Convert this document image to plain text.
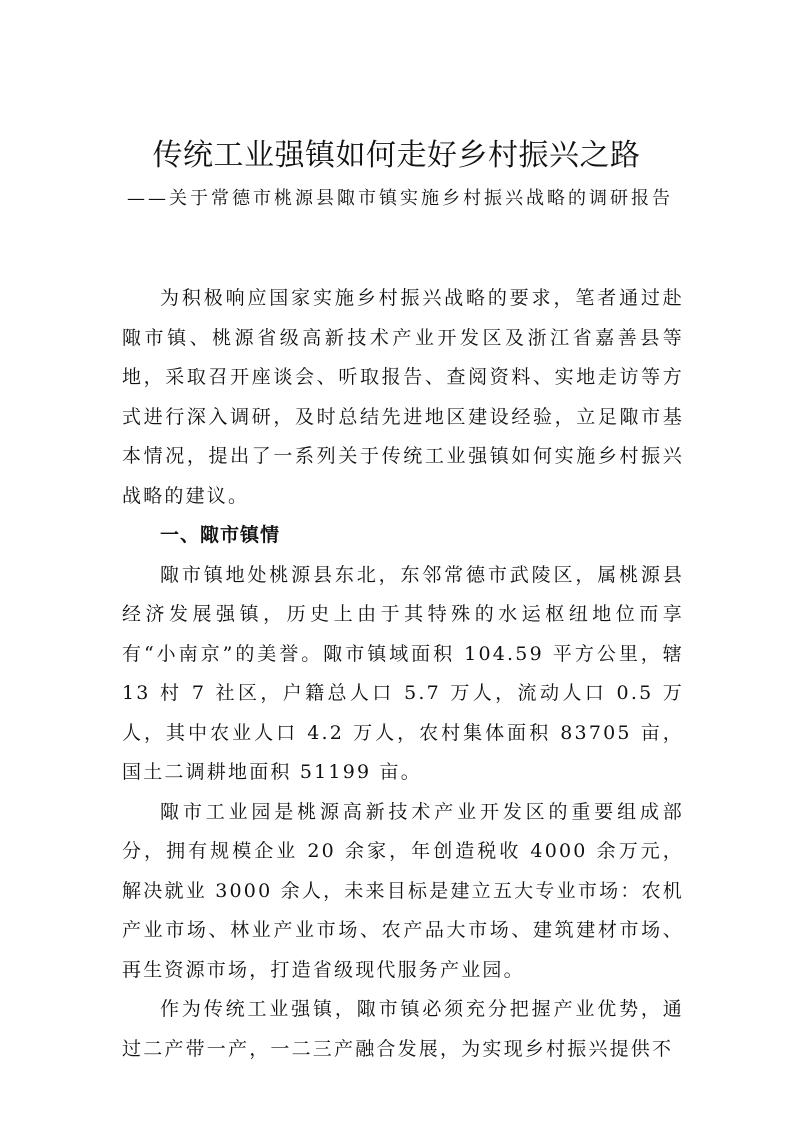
传统工业强镇如何走好乡村振兴之路
——关于常德市桃源县陬市镇实施乡村振兴战略的调研报告

为积极响应国家实施乡村振兴战略的要求，笔者通过赴陬市镇、桃源省级高新技术产业开发区及浙江省嘉善县等地，采取召开座谈会、听取报告、查阅资料、实地走访等方式进行深入调研，及时总结先进地区建设经验，立足陬市基本情况，提出了一系列关于传统工业强镇如何实施乡村振兴战略的建议。

一、陬市镇情

陬市镇地处桃源县东北，东邻常德市武陵区，属桃源县经济发展强镇，历史上由于其特殊的水运枢纽地位而享有“小南京”的美誉。陬市镇域面积 104.59 平方公里，辖 13 村 7 社区，户籍总人口 5.7 万人，流动人口 0.5 万人，其中农业人口 4.2 万人，农村集体面积 83705 亩，国土二调耕地面积 51199 亩。

陬市工业园是桃源高新技术产业开发区的重要组成部分，拥有规模企业 20 余家，年创造税收 4000 余万元，解决就业 3000 余人，未来目标是建立五大专业市场：农机产业市场、林业产业市场、农产品大市场、建筑建材市场、再生资源市场，打造省级现代服务产业园。

作为传统工业强镇，陬市镇必须充分把握产业优势，通过二产带一产，一二三产融合发展，为实现乡村振兴提供不
